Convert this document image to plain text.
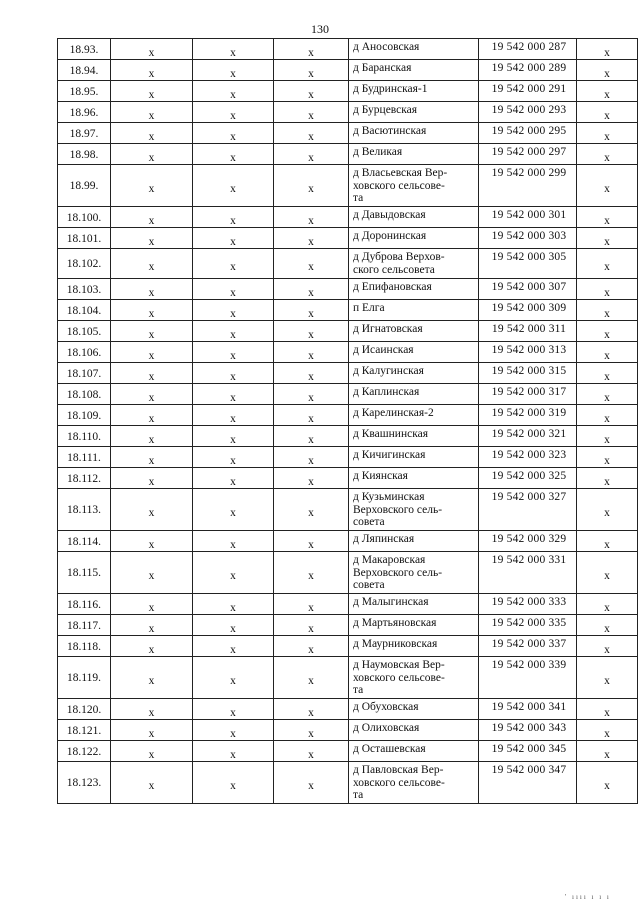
130
18.93.	х	х	х	д Аносовская	19 542 000 287	х
18.94.	х	х	х	д Баранская	19 542 000 289	х
18.95.	х	х	х	д Будринская-1	19 542 000 291	х
18.96.	х	х	х	д Бурцевская	19 542 000 293	х
18.97.	х	х	х	д Васютинская	19 542 000 295	х
18.98.	х	х	х	д Великая	19 542 000 297	х
18.99.	х	х	х	д Власьевская Вер-
ховского сельсове-
та	19 542 000 299	х
18.100.	х	х	х	д Давыдовская	19 542 000 301	х
18.101.	х	х	х	д Доронинская	19 542 000 303	х
18.102.	х	х	х	д Дуброва Верхов-
ского сельсовета	19 542 000 305	х
18.103.	х	х	х	д Епифановская	19 542 000 307	х
18.104.	х	х	х	п Елга	19 542 000 309	х
18.105.	х	х	х	д Игнатовская	19 542 000 311	х
18.106.	х	х	х	д Исаинская	19 542 000 313	х
18.107.	х	х	х	д Калугинская	19 542 000 315	х
18.108.	х	х	х	д Каплинская	19 542 000 317	х
18.109.	х	х	х	д Карелинская-2	19 542 000 319	х
18.110.	х	х	х	д Квашнинская	19 542 000 321	х
18.111.	х	х	х	д Кичигинская	19 542 000 323	х
18.112.	х	х	х	д Киянская	19 542 000 325	х
18.113.	х	х	х	д Кузьминская
Верховского сель-
совета	19 542 000 327	х
18.114.	х	х	х	д Ляпинская	19 542 000 329	х
18.115.	х	х	х	д Макаровская
Верховского сель-
совета	19 542 000 331	х
18.116.	х	х	х	д Малыгинская	19 542 000 333	х
18.117.	х	х	х	д Мартьяновская	19 542 000 335	х
18.118.	х	х	х	д Маурниковская	19 542 000 337	х
18.119.	х	х	х	д Наумовская Вер-
ховского сельсове-
та	19 542 000 339	х
18.120.	х	х	х	д Обуховская	19 542 000 341	х
18.121.	х	х	х	д Олиховская	19 542 000 343	х
18.122.	х	х	х	д Осташевская	19 542 000 345	х
18.123.	х	х	х	д Павловская Вер-
ховского сельсове-
та	19 542 000 347	х
' ıııı ı ı ı
